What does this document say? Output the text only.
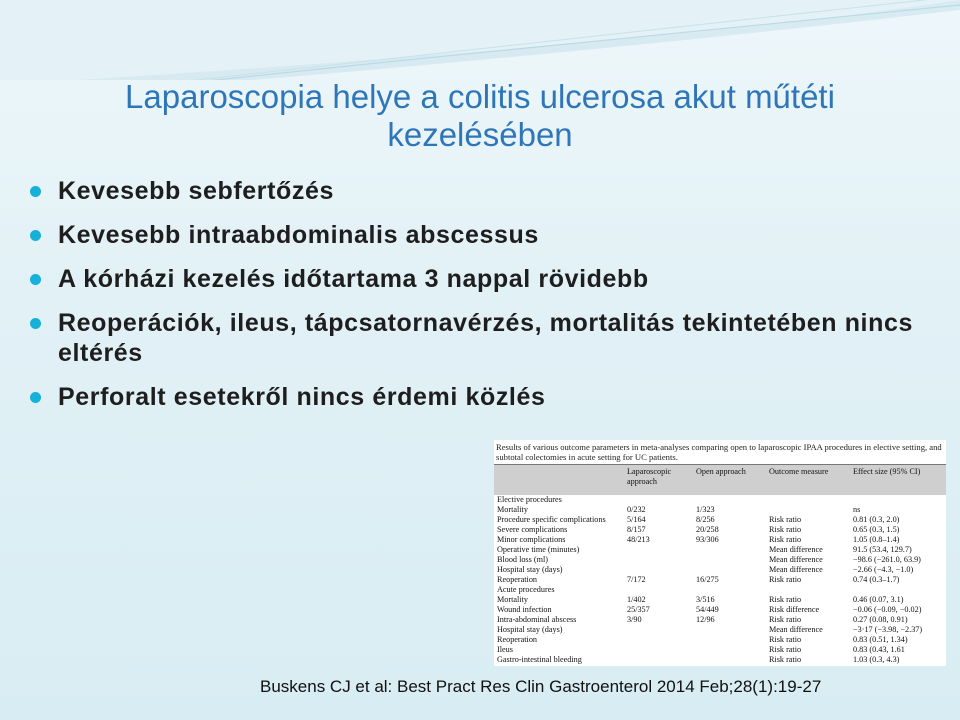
Laparoscopia helye a colitis ulcerosa akut műtéti kezelésében
Kevesebb sebfertőzés
Kevesebb intraabdominalis abscessus
A kórházi kezelés időtartama 3 nappal rövidebb
Reoperációk, ileus, tápcsatornavérzés, mortalitás tekintetében nincs eltérés
Perforalt esetekről nincs érdemi közlés
Results of various outcome parameters in meta-analyses comparing open to laparoscopic IPAA procedures in elective setting, and subtotal colectomies in acute setting for UC patients.
	Laparoscopic approach	Open approach	Outcome measure	Effect size (95% CI)
Elective procedures				
Mortality	0/232	1/323		ns
Procedure specific complications	5/164	8/256	Risk ratio	0.81 (0.3, 2.0)
Severe complications	8/157	20/258	Risk ratio	0.65 (0.3, 1.5)
Minor complications	48/213	93/306	Risk ratio	1.05 (0.8–1.4)
Operative time (minutes)			Mean difference	91.5 (53.4, 129.7)
Blood loss (ml)			Mean difference	−98.6 (−261.0, 63.9)
Hospital stay (days)			Mean difference	−2.66 (−4.3, −1.0)
Reoperation	7/172	16/275	Risk ratio	0.74 (0.3–1.7)
Acute procedures				
Mortality	1/402	3/516	Risk ratio	0.46 (0.07, 3.1)
Wound infection	25/357	54/449	Risk difference	−0.06 (−0.09, −0.02)
Intra-abdominal abscess	3/90	12/96	Risk ratio	0.27 (0.08, 0.91)
Hospital stay (days)			Mean difference	−3·17 (−3.98, −2.37)
Reoperation			Risk ratio	0.83 (0.51, 1.34)
Ileus			Risk ratio	0.83 (0.43, 1.61
Gastro-intestinal bleeding			Risk ratio	1.03 (0.3, 4.3)
Buskens CJ et al: Best Pract Res Clin Gastroenterol 2014 Feb;28(1):19-27
